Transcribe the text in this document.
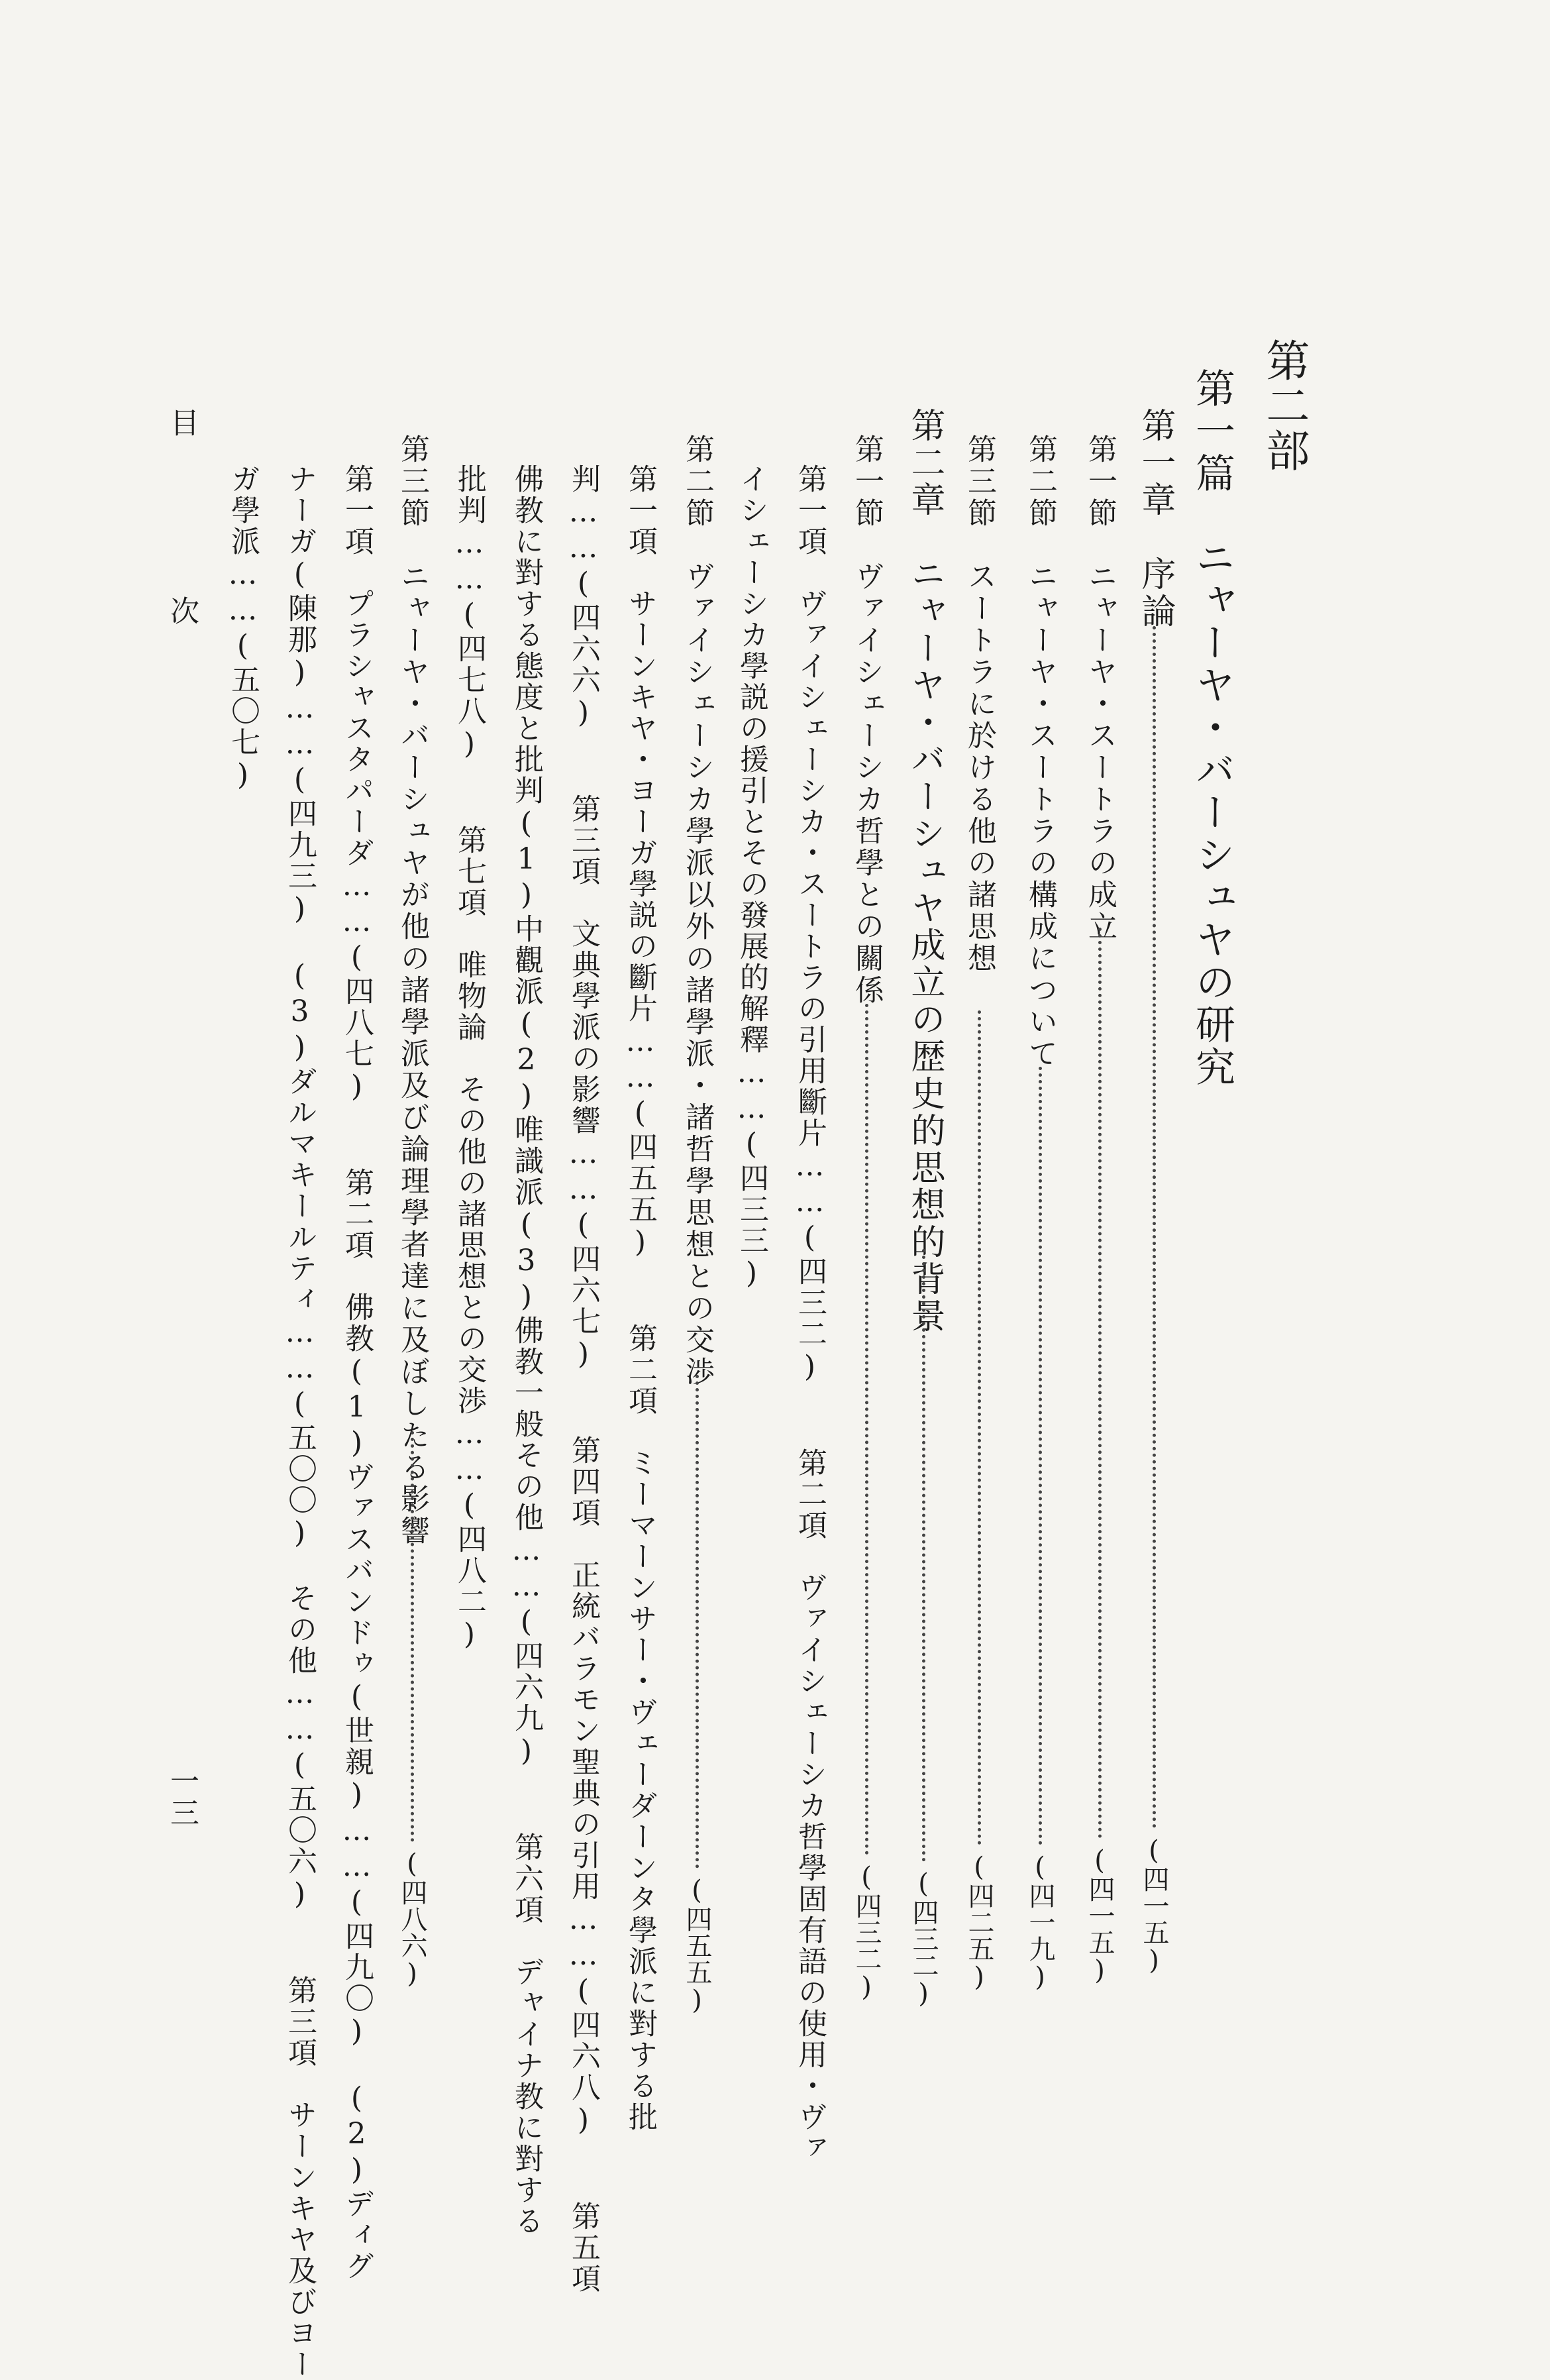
第二部
第一篇　ニャーヤ・バーシュヤの研究
第一章　序論
(四一五)
第一節　ニャーヤ・スートラの成立
(四一五)
第二節　ニャーヤ・スートラの構成について
(四一九)
第三節　スートラに於ける他の諸思想
(四二五)
第二章　ニャーヤ・バーシュヤ成立の歴史的思想的背景
(四三二)
第一節　ヴァイシェーシカ哲學との關係
(四三二)
第一項　ヴァイシェーシカ・スートラの引用斷片……(四三二)　　第二項　ヴァイシェーシカ哲學固有語の使用・ヴァ
イシェーシカ學説の援引とその發展的解釋……(四三三)
第二節　ヴァイシェーシカ學派以外の諸學派・諸哲學思想との交渉
(四五五)
第一項　サーンキヤ・ヨーガ學説の斷片……(四五五)　　第二項　ミーマーンサー・ヴェーダーンタ學派に對する批
判……(四六六)　　第三項　文典學派の影響……(四六七)　　第四項　正統バラモン聖典の引用……(四六八)　　第五項
佛教に對する態度と批判(1)中觀派(2)唯識派(3)佛教一般その他……(四六九)　　第六項　デャイナ教に對する
批判……(四七八)　　第七項　唯物論　その他の諸思想との交渉……(四八二)
第三節　ニャーヤ・バーシュヤが他の諸學派及び論理學者達に及ぼしたる影響
(四八六)
第一項　プラシャスタパーダ……(四八七)　　第二項　佛教(1)ヴァスバンドゥ(世親)……(四九〇)　(2)ディグ
ナーガ(陳那)……(四九三)　(3)ダルマキールティ……(五〇〇)　その他……(五〇六)　　第三項　サーンキヤ及びヨー
ガ學派……(五〇七)
目次
一三
